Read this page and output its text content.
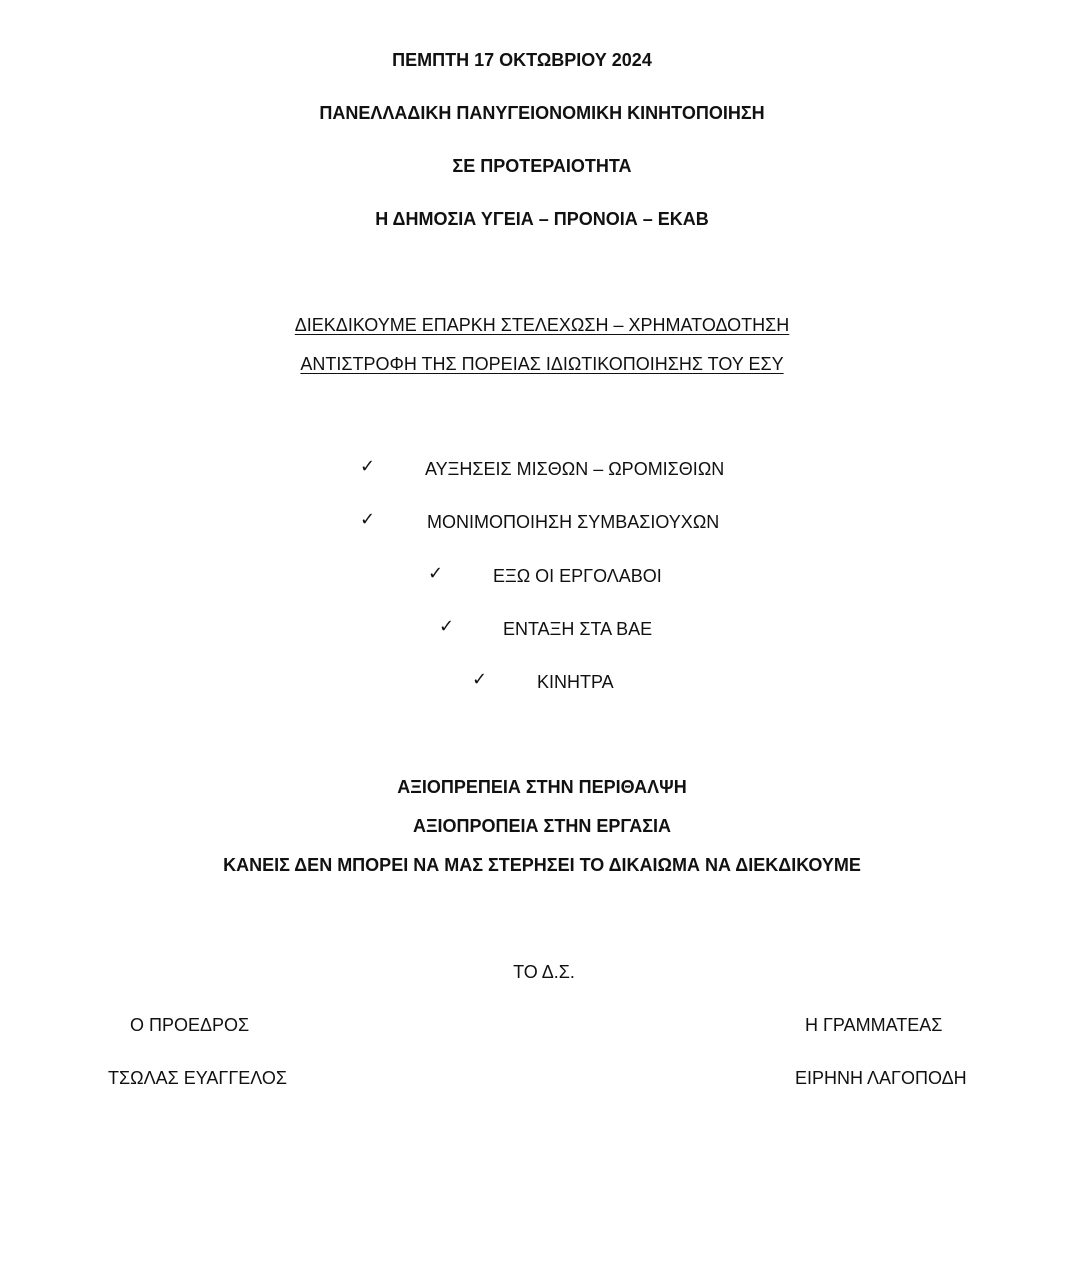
ΠΕΜΠΤΗ 17 ΟΚΤΩΒΡΙΟΥ 2024
ΠΑΝΕΛΛΑΔΙΚΗ ΠΑΝΥΓΕΙΟΝΟΜΙΚΗ ΚΙΝΗΤΟΠΟΙΗΣΗ
ΣΕ ΠΡΟΤΕΡΑΙΟΤΗΤΑ
Η ΔΗΜΟΣΙΑ ΥΓΕΙΑ – ΠΡΟΝΟΙΑ – ΕΚΑΒ
ΔΙΕΚΔΙΚΟΥΜΕ ΕΠΑΡΚΗ ΣΤΕΛΕΧΩΣΗ – ΧΡΗΜΑΤΟΔΟΤΗΣΗ
ΑΝΤΙΣΤΡΟΦΗ ΤΗΣ ΠΟΡΕΙΑΣ ΙΔΙΩΤΙΚΟΠΟΙΗΣΗΣ ΤΟΥ ΕΣΥ
✓	ΑΥΞΗΣΕΙΣ ΜΙΣΘΩΝ – ΩΡΟΜΙΣΘΙΩΝ
✓	ΜΟΝΙΜΟΠΟΙΗΣΗ ΣΥΜΒΑΣΙΟΥΧΩΝ
✓	ΕΞΩ ΟΙ ΕΡΓΟΛΑΒΟΙ
✓	ΕΝΤΑΞΗ ΣΤΑ ΒΑΕ
✓	ΚΙΝΗΤΡΑ
ΑΞΙΟΠΡΕΠΕΙΑ ΣΤΗΝ ΠΕΡΙΘΑΛΨΗ
ΑΞΙΟΠΡΟΠΕΙΑ ΣΤΗΝ ΕΡΓΑΣΙΑ
ΚΑΝΕΙΣ ΔΕΝ ΜΠΟΡΕΙ ΝΑ ΜΑΣ ΣΤΕΡΗΣΕΙ ΤΟ ΔΙΚΑΙΩΜΑ ΝΑ ΔΙΕΚΔΙΚΟΥΜΕ
ΤΟ Δ.Σ.
Ο ΠΡΟΕΔΡΟΣ
ΤΣΩΛΑΣ ΕΥΑΓΓΕΛΟΣ
Η ΓΡΑΜΜΑΤΕΑΣ
ΕΙΡΗΝΗ ΛΑΓΟΠΟΔΗ
